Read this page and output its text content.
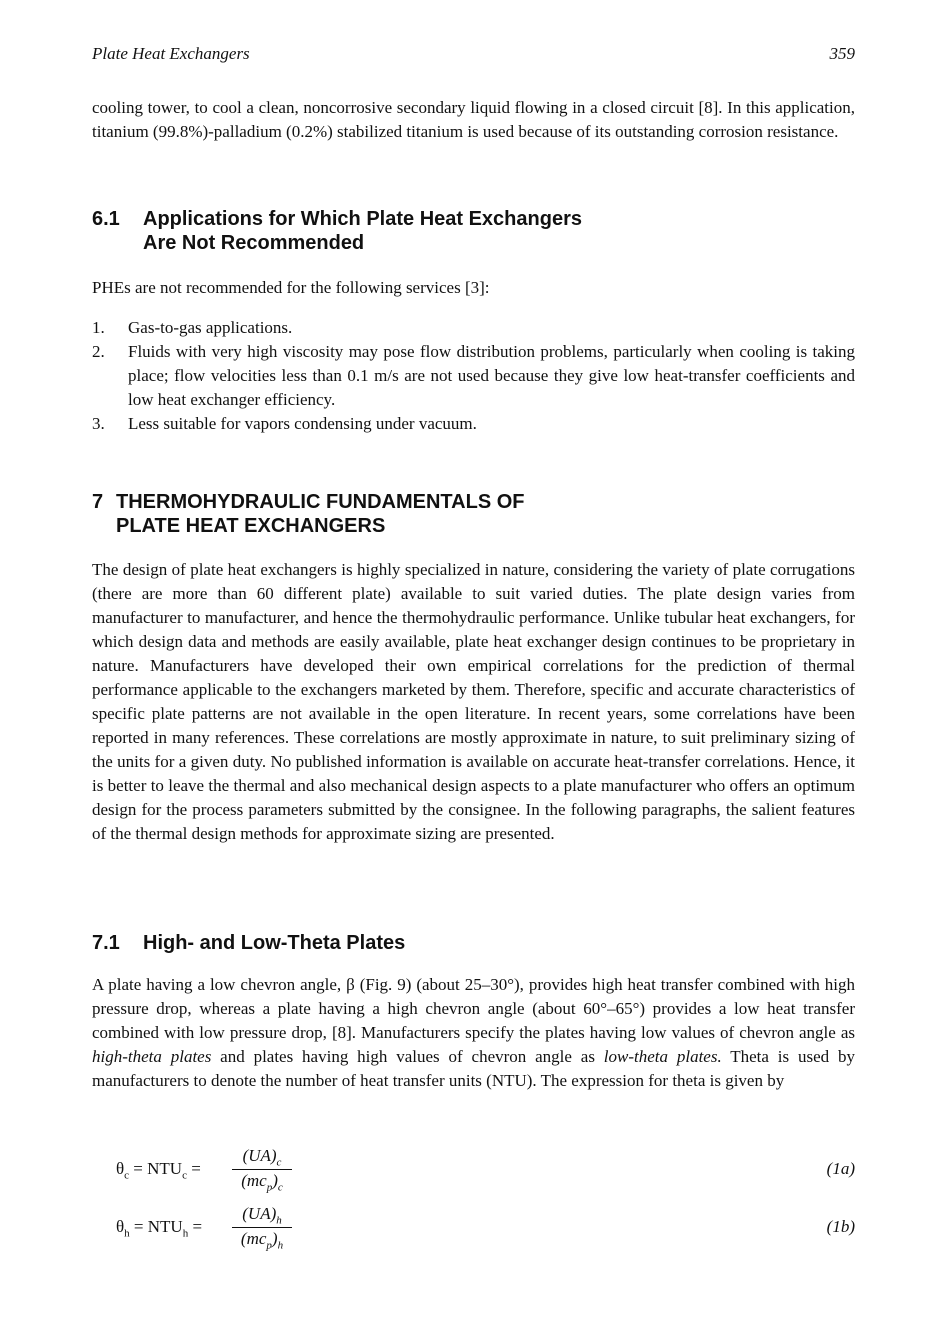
Plate Heat Exchangers	359

cooling tower, to cool a clean, noncorrosive secondary liquid flowing in a closed circuit [8]. In this application, titanium (99.8%)-palladium (0.2%) stabilized titanium is used because of its outstanding corrosion resistance.

6.1	Applications for Which Plate Heat Exchangers
Are Not Recommended

PHEs are not recommended for the following services [3]:

1.	Gas-to-gas applications.
2.	Fluids with very high viscosity may pose flow distribution problems, particularly when cooling is taking place; flow velocities less than 0.1 m/s are not used because they give low heat-transfer coefficients and low heat exchanger efficiency.
3.	Less suitable for vapors condensing under vacuum.
7 THERMOHYDRAULIC FUNDAMENTALS OF
PLATE HEAT EXCHANGERS

The design of plate heat exchangers is highly specialized in nature, considering the variety of plate corrugations (there are more than 60 different plate) available to suit varied duties. The plate design varies from manufacturer to manufacturer, and hence the thermohydraulic performance. Unlike tubular heat exchangers, for which design data and methods are easily available, plate heat exchanger design continues to be proprietary in nature. Manufacturers have developed their own empirical correlations for the prediction of thermal performance applicable to the exchangers marketed by them. Therefore, specific and accurate characteristics of specific plate patterns are not available in the open literature. In recent years, some correlations have been reported in many references. These correlations are mostly approximate in nature, to suit preliminary sizing of the units for a given duty. No published information is available on accurate heat-transfer correlations. Hence, it is better to leave the thermal and also mechanical design aspects to a plate manufacturer who offers an optimum design for the process parameters submitted by the consignee. In the following paragraphs, the salient features of the thermal design methods for approximate sizing are presented.

7.1	High- and Low-Theta Plates

A plate having a low chevron angle, β (Fig. 9) (about 25–30°), provides high heat transfer combined with high pressure drop, whereas a plate having a high chevron angle (about 60°–65°) provides a low heat transfer combined with low pressure drop, [8]. Manufacturers specify the plates having low values of chevron angle as high-theta plates and plates having high values of chevron angle as low-theta plates. Theta is used by manufacturers to denote the number of heat transfer units (NTU). The expression for theta is given by

$\theta_c = NTU_c$ =
$(UA)_c$
$(mc_p)_c$
(1a)
$\theta_h = NTU_h$ =
$(UA)_h$
$(mc_p)_h$
(1b)
